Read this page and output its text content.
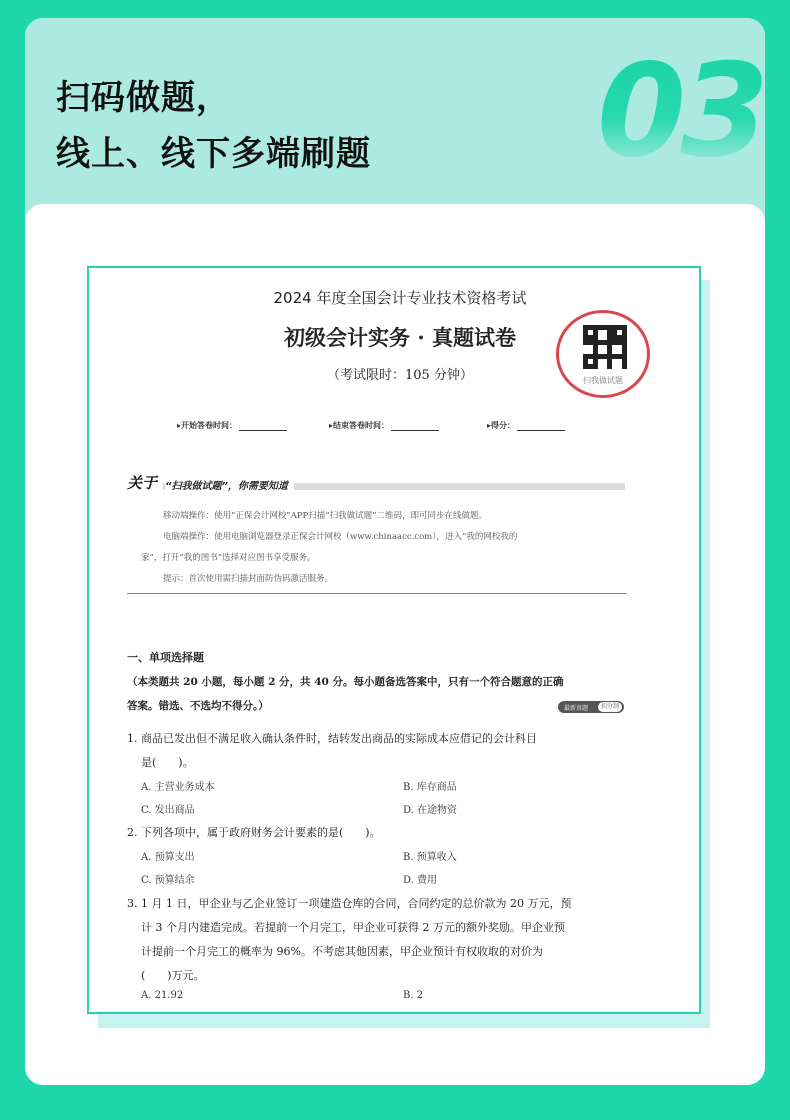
扫码做题，
线上、线下多端刷题 03
2024 年度全国会计专业技术资格考试
初级会计实务 · 真题试卷
（考试限时：105 分钟）	扫我做试题
▸开始答卷时间：	▸结束答卷时间：	▸得分：
关于 “扫我做试题”，你需要知道
移动端操作：使用“正保会计网校”APP扫描“扫我做试题”二维码，即可同步在线做题。
电脑端操作：使用电脑浏览器登录正保会计网校（www.chinaacc.com），进入“我的网校我的
家”，打开“我的图书”选择对应图书享受服务。
提示：首次使用需扫描封面防伪码激活服务。
一、单项选择题
（本类题共 20 小题，每小题 2 分，共 40 分。每小题备选答案中，只有一个符合题意的正确
答案。错选、不选均不得分。）	最新真题	扣分制
1. 商品已发出但不满足收入确认条件时，结转发出商品的实际成本应借记的会计科目
是(　　)。
A. 主营业务成本	B. 库存商品
C. 发出商品	D. 在途物资
2. 下列各项中，属于政府财务会计要素的是(　　)。
A. 预算支出	B. 预算收入
C. 预算结余	D. 费用
3. 1 月 1 日，甲企业与乙企业签订一项建造仓库的合同，合同约定的总价款为 20 万元，预
计 3 个月内建造完成。若提前一个月完工，甲企业可获得 2 万元的额外奖励。甲企业预
计提前一个月完工的概率为 96%。不考虑其他因素，甲企业预计有权收取的对价为
(　　)万元。
A. 21.92	B. 2
